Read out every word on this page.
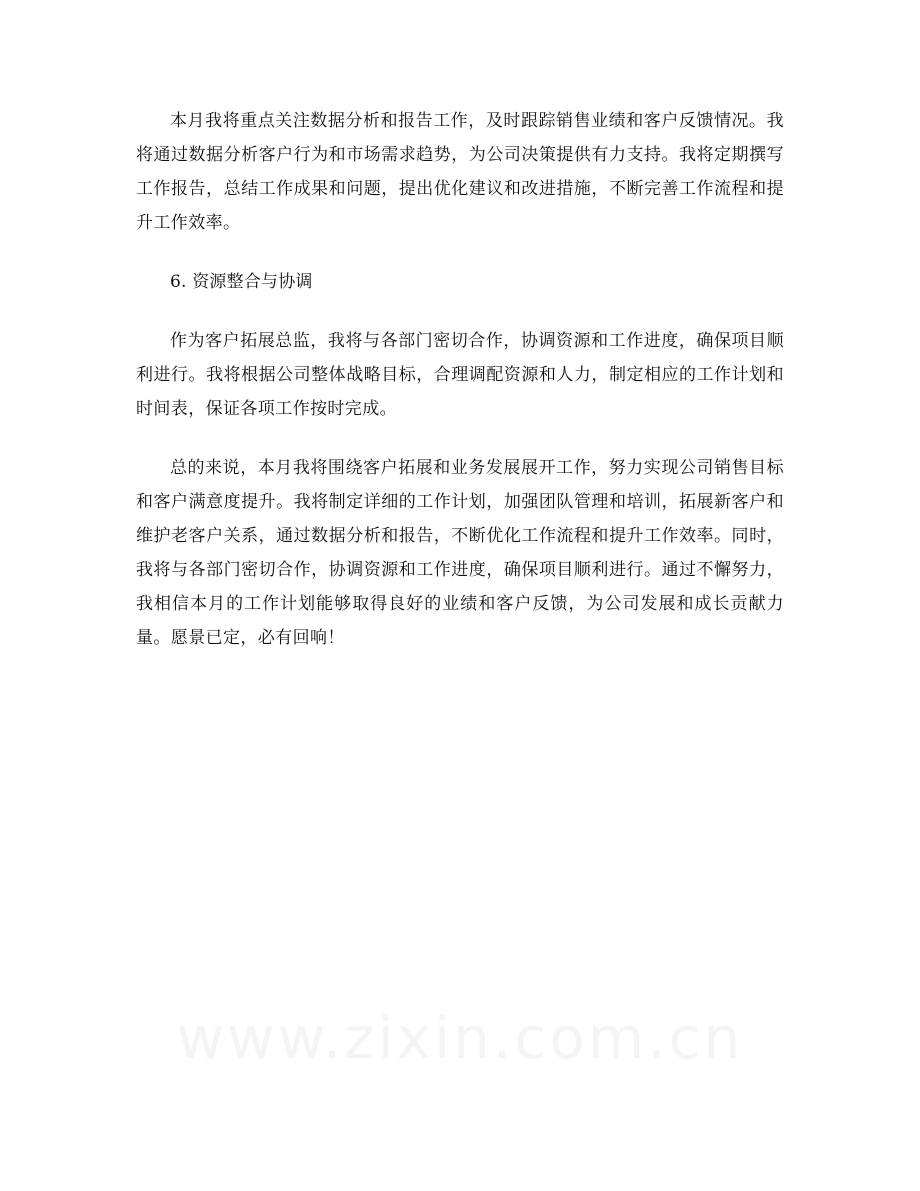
本月我将重点关注数据分析和报告工作，及时跟踪销售业绩和客户反馈情况。我将通过数据分析客户行为和市场需求趋势，为公司决策提供有力支持。我将定期撰写工作报告，总结工作成果和问题，提出优化建议和改进措施，不断完善工作流程和提升工作效率。

6. 资源整合与协调

作为客户拓展总监，我将与各部门密切合作，协调资源和工作进度，确保项目顺利进行。我将根据公司整体战略目标，合理调配资源和人力，制定相应的工作计划和时间表，保证各项工作按时完成。

总的来说，本月我将围绕客户拓展和业务发展展开工作，努力实现公司销售目标和客户满意度提升。我将制定详细的工作计划，加强团队管理和培训，拓展新客户和维护老客户关系，通过数据分析和报告，不断优化工作流程和提升工作效率。同时，我将与各部门密切合作，协调资源和工作进度，确保项目顺利进行。通过不懈努力，我相信本月的工作计划能够取得良好的业绩和客户反馈，为公司发展和成长贡献力量。愿景已定，必有回响！

www.zixin.com.cn
